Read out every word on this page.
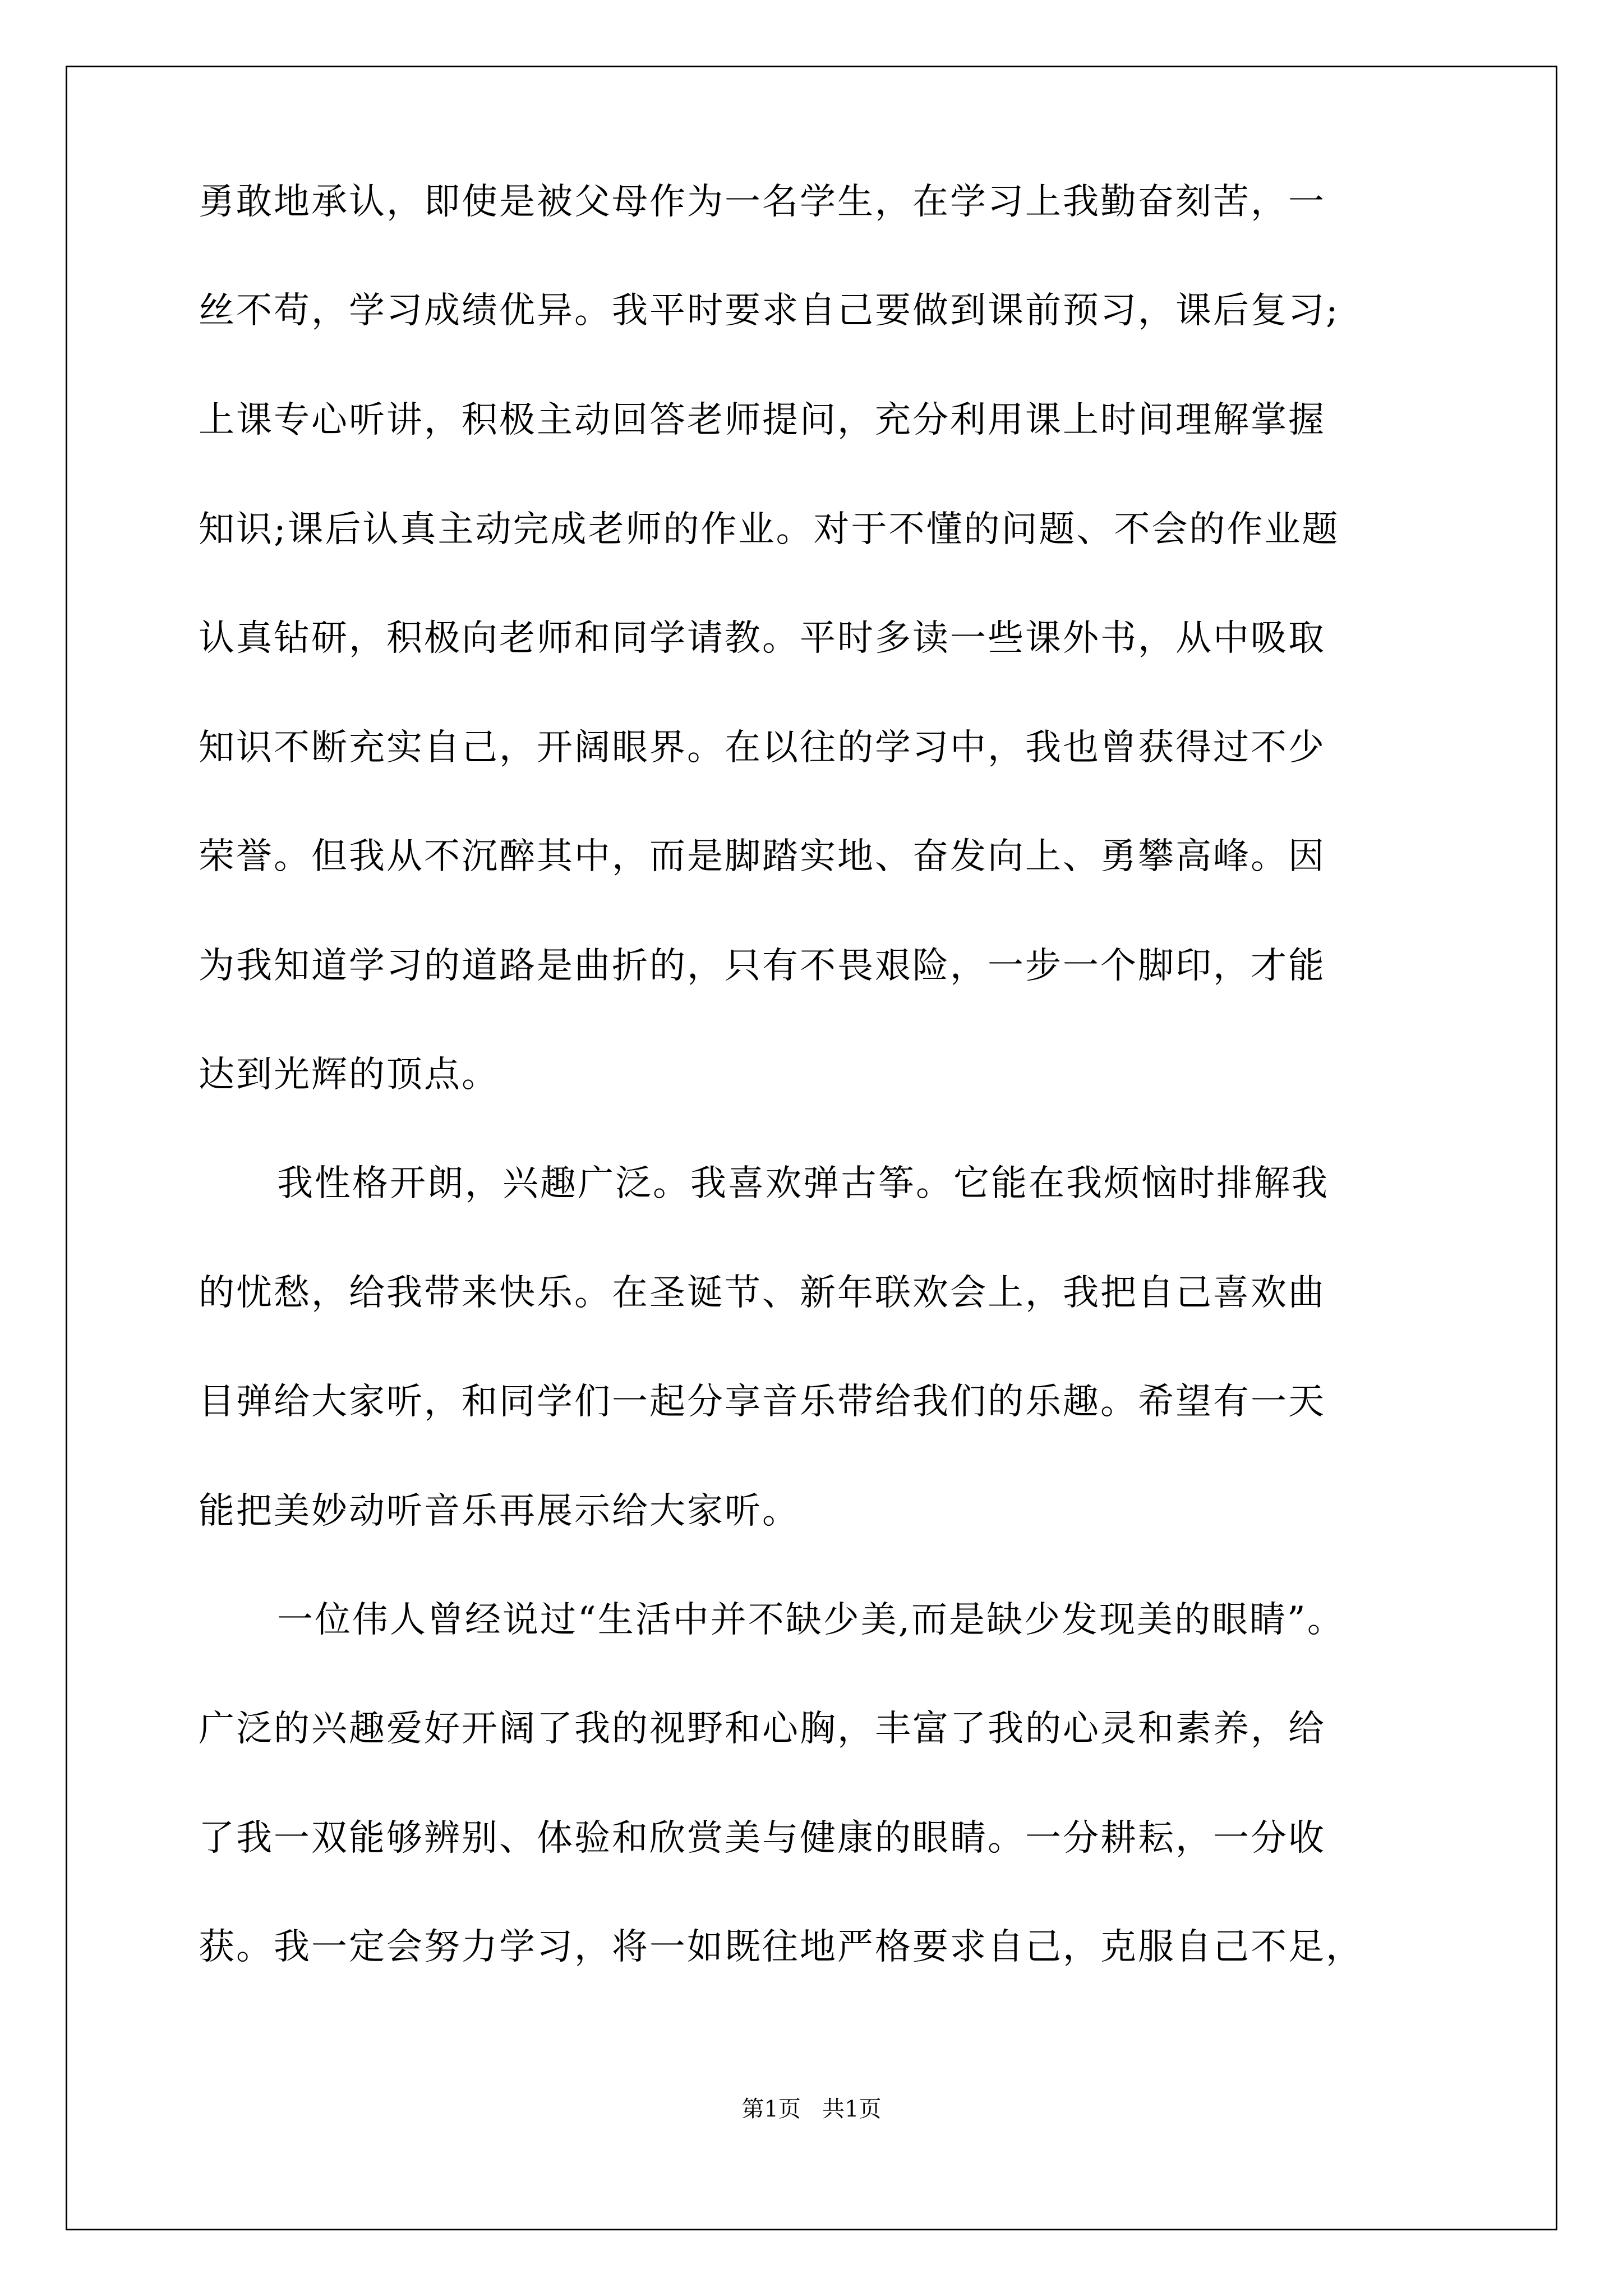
勇敢地承认，即使是被父母作为一名学生，在学习上我勤奋刻苦，一
丝不苟，学习成绩优异。我平时要求自己要做到课前预习，课后复习;
上课专心听讲，积极主动回答老师提问，充分利用课上时间理解掌握
知识;课后认真主动完成老师的作业。对于不懂的问题、不会的作业题
认真钻研，积极向老师和同学请教。平时多读一些课外书，从中吸取
知识不断充实自己，开阔眼界。在以往的学习中，我也曾获得过不少
荣誉。但我从不沉醉其中，而是脚踏实地、奋发向上、勇攀高峰。因
为我知道学习的道路是曲折的，只有不畏艰险，一步一个脚印，才能
达到光辉的顶点。
我性格开朗，兴趣广泛。我喜欢弹古筝。它能在我烦恼时排解我
的忧愁，给我带来快乐。在圣诞节、新年联欢会上，我把自己喜欢曲
目弹给大家听，和同学们一起分享音乐带给我们的乐趣。希望有一天
能把美妙动听音乐再展示给大家听。
一位伟人曾经说过“生活中并不缺少美,而是缺少发现美的眼睛”。
广泛的兴趣爱好开阔了我的视野和心胸，丰富了我的心灵和素养，给
了我一双能够辨别、体验和欣赏美与健康的眼睛。一分耕耘，一分收
获。我一定会努力学习，将一如既往地严格要求自己，克服自己不足，
第1页   共1页
